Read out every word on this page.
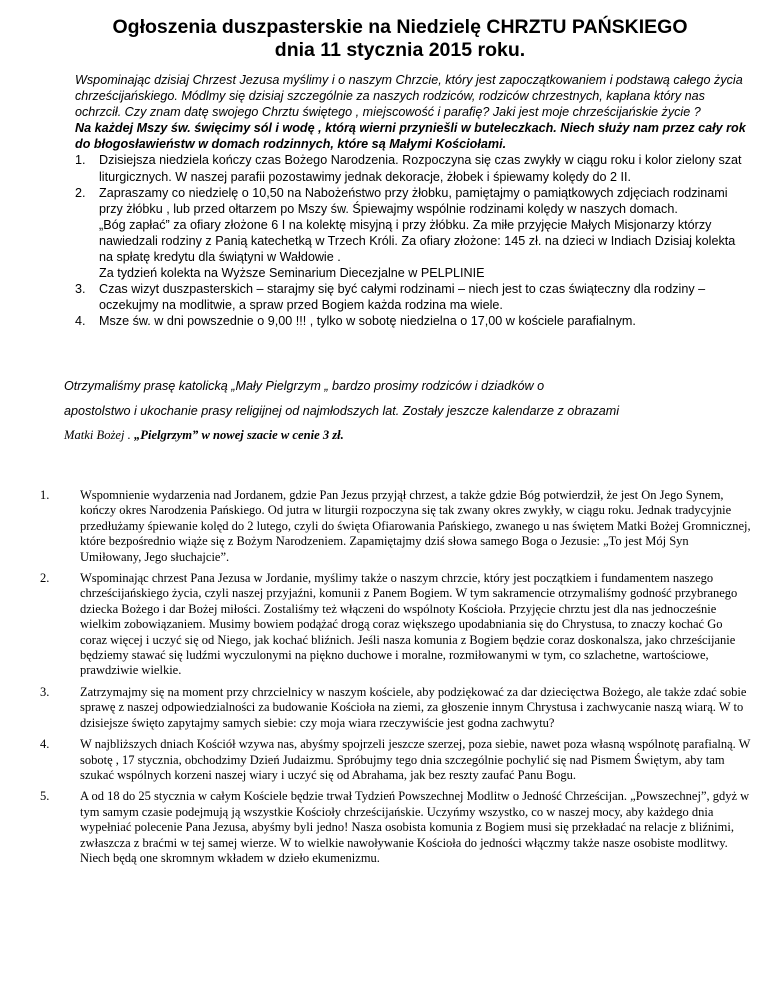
Ogłoszenia duszpasterskie na Niedzielę CHRZTU PAŃSKIEGO
dnia 11 stycznia 2015 roku.

Wspominając dzisiaj Chrzest Jezusa myślimy i o naszym Chrzcie, który jest zapoczątkowaniem i podstawą całego życia chrześcijańskiego. Módlmy się dzisiaj szczególnie za naszych rodziców, rodziców chrzestnych, kapłana który nas ochrzcił. Czy znam datę swojego Chrztu świętego , miejscowość i parafię? Jaki jest moje chrześcijańskie życie ?

Na każdej Mszy św. święcimy sól i wodę , którą wierni przyniešli w buteleczkach. Niech służy nam przez cały rok do błogosławieństw w domach rodzinnych, które są Małymi Kościołami.

1.	Dzisiejsza niedziela kończy czas Bożego Narodzenia. Rozpoczyna się czas zwykły w ciągu roku i kolor zielony szat liturgicznych. W naszej parafii pozostawimy jednak dekoracje, żłobek i śpiewamy kolędy do 2 II.
2.	Zapraszamy co niedzielę o 10,50 na Nabożeństwo przy żłobku, pamiętajmy o pamiątkowych zdjęciach rodzinami przy żłóbku , lub przed ołtarzem po Mszy św. Śpiewajmy wspólnie rodzinami kolędy w naszych domach.
„Bóg zapłać” za ofiary złożone 6 I na kolektę misyjną i przy żłóbku. Za miłe przyjęcie Małych Misjonarzy którzy nawiedzali rodziny z Panią katechetką w Trzech Króli. Za ofiary złożone: 145 zł. na dzieci w Indiach Dzisiaj kolekta na spłatę kredytu dla świątyni w Wałdowie .
Za tydzień kolekta na Wyższe Seminarium Diecezjalne w PELPLINIE
3.	Czas wizyt duszpasterskich – starajmy się być całymi rodzinami – niech jest to czas świąteczny dla rodziny – oczekujmy na modlitwie, a spraw przed Bogiem każda rodzina ma wiele.
4.	Msze św. w dni powszednie o 9,00 !!! , tylko w sobotę niedzielna o 17,00 w kościele parafialnym.

Otrzymaliśmy prasę katolicką „Mały Pielgrzym „ bardzo prosimy rodziców i dziadków o

apostolstwo i ukochanie prasy religijnej od najmłodszych lat. Zostały jeszcze kalendarze z obrazami

Matki Bożej . „Pielgrzym” w nowej szacie w cenie 3 zł.

1.	Wspomnienie wydarzenia nad Jordanem, gdzie Pan Jezus przyjął chrzest, a także gdzie Bóg potwierdził, że jest On Jego Synem, kończy okres Narodzenia Pańskiego. Od jutra w liturgii rozpoczyna się tak zwany okres zwykły, w ciągu roku. Jednak tradycyjnie przedłużamy śpiewanie kolęd do 2 lutego, czyli do święta Ofiarowania Pańskiego, zwanego u nas świętem Matki Bożej Gromnicznej, które bezpośrednio wiąże się z Bożym Narodzeniem. Zapamiętajmy dziś słowa samego Boga o Jezusie: „To jest Mój Syn Umiłowany, Jego słuchajcie”.
2.	Wspominając chrzest Pana Jezusa w Jordanie, myślimy także o naszym chrzcie, który jest początkiem i fundamentem naszego chrześcijańskiego życia, czyli naszej przyjaźni, komunii z Panem Bogiem. W tym sakramencie otrzymaliśmy godność przybranego dziecka Bożego i dar Bożej miłości. Zostaliśmy też włączeni do wspólnoty Kościoła. Przyjęcie chrztu jest dla nas jednocześnie wielkim zobowiązaniem. Musimy bowiem podążać drogą coraz większego upodabniania się do Chrystusa, to znaczy kochać Go coraz więcej i uczyć się od Niego, jak kochać bliźnich. Jeśli nasza komunia z Bogiem będzie coraz doskonalsza, jako chrześcijanie będziemy stawać się ludźmi wyczulonymi na piękno duchowe i moralne, rozmiłowanymi w tym, co szlachetne, wartościowe, prawdziwie wielkie.
3.	Zatrzymajmy się na moment przy chrzcielnicy w naszym kościele, aby podziękować za dar dziecięctwa Bożego, ale także zdać sobie sprawę z naszej odpowiedzialności za budowanie Kościoła na ziemi, za głoszenie innym Chrystusa i zachwycanie naszą wiarą. W to dzisiejsze święto zapytajmy samych siebie: czy moja wiara rzeczywiście jest godna zachwytu?
4.	W najbliższych dniach Kościół wzywa nas, abyśmy spojrzeli jeszcze szerzej, poza siebie, nawet poza własną wspólnotę parafialną. W sobotę , 17 stycznia, obchodzimy Dzień Judaizmu. Spróbujmy tego dnia szczególnie pochylić się nad Pismem Świętym, aby tam szukać wspólnych korzeni naszej wiary i uczyć się od Abrahama, jak bez reszty zaufać Panu Bogu.
5.	A od 18 do 25 stycznia w całym Kościele będzie trwał Tydzień Powszechnej Modlitw o Jedność Chrześcijan. „Powszechnej”, gdyż w tym samym czasie podejmują ją wszystkie Kościoły chrześcijańskie. Uczyńmy wszystko, co w naszej mocy, aby każdego dnia wypełniać polecenie Pana Jezusa, abyśmy byli jedno! Nasza osobista komunia z Bogiem musi się przekładać na relacje z bliźnimi, zwłaszcza z braćmi w tej samej wierze. W to wielkie nawoływanie Kościoła do jedności włączmy także nasze osobiste modlitwy. Niech będą one skromnym wkładem w dzieło ekumenizmu.
